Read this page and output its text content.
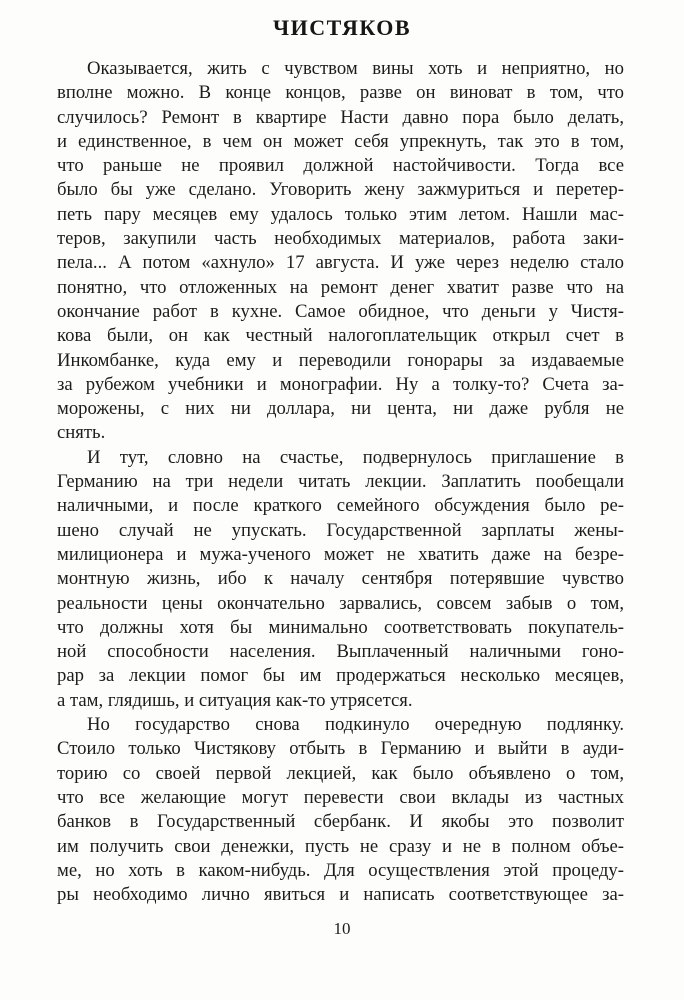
ЧИСТЯКОВ
Оказывается, жить с чувством вины хоть и неприятно, но
вполне можно. В конце концов, разве он виноват в том, что
случилось? Ремонт в квартире Насти давно пора было делать,
и единственное, в чем он может себя упрекнуть, так это в том,
что раньше не проявил должной настойчивости. Тогда все
было бы уже сделано. Уговорить жену зажмуриться и перетер-
петь пару месяцев ему удалось только этим летом. Нашли мас-
теров, закупили часть необходимых материалов, работа заки-
пела... А потом «ахнуло» 17 августа. И уже через неделю стало
понятно, что отложенных на ремонт денег хватит разве что на
окончание работ в кухне. Самое обидное, что деньги у Чистя-
кова были, он как честный налогоплательщик открыл счет в
Инкомбанке, куда ему и переводили гонорары за издаваемые
за рубежом учебники и монографии. Ну а толку-то? Счета за-
морожены, с них ни доллара, ни цента, ни даже рубля не
снять.
И тут, словно на счастье, подвернулось приглашение в
Германию на три недели читать лекции. Заплатить пообещали
наличными, и после краткого семейного обсуждения было ре-
шено случай не упускать. Государственной зарплаты жены-
милиционера и мужа-ученого может не хватить даже на безре-
монтную жизнь, ибо к началу сентября потерявшие чувство
реальности цены окончательно зарвались, совсем забыв о том,
что должны хотя бы минимально соответствовать покупатель-
ной способности населения. Выплаченный наличными гоно-
рар за лекции помог бы им продержаться несколько месяцев,
а там, глядишь, и ситуация как-то утрясется.
Но государство снова подкинуло очередную подлянку.
Стоило только Чистякову отбыть в Германию и выйти в ауди-
торию со своей первой лекцией, как было объявлено о том,
что все желающие могут перевести свои вклады из частных
банков в Государственный сбербанк. И якобы это позволит
им получить свои денежки, пусть не сразу и не в полном объе-
ме, но хоть в каком-нибудь. Для осуществления этой процеду-
ры необходимо лично явиться и написать соответствующее за-
10
